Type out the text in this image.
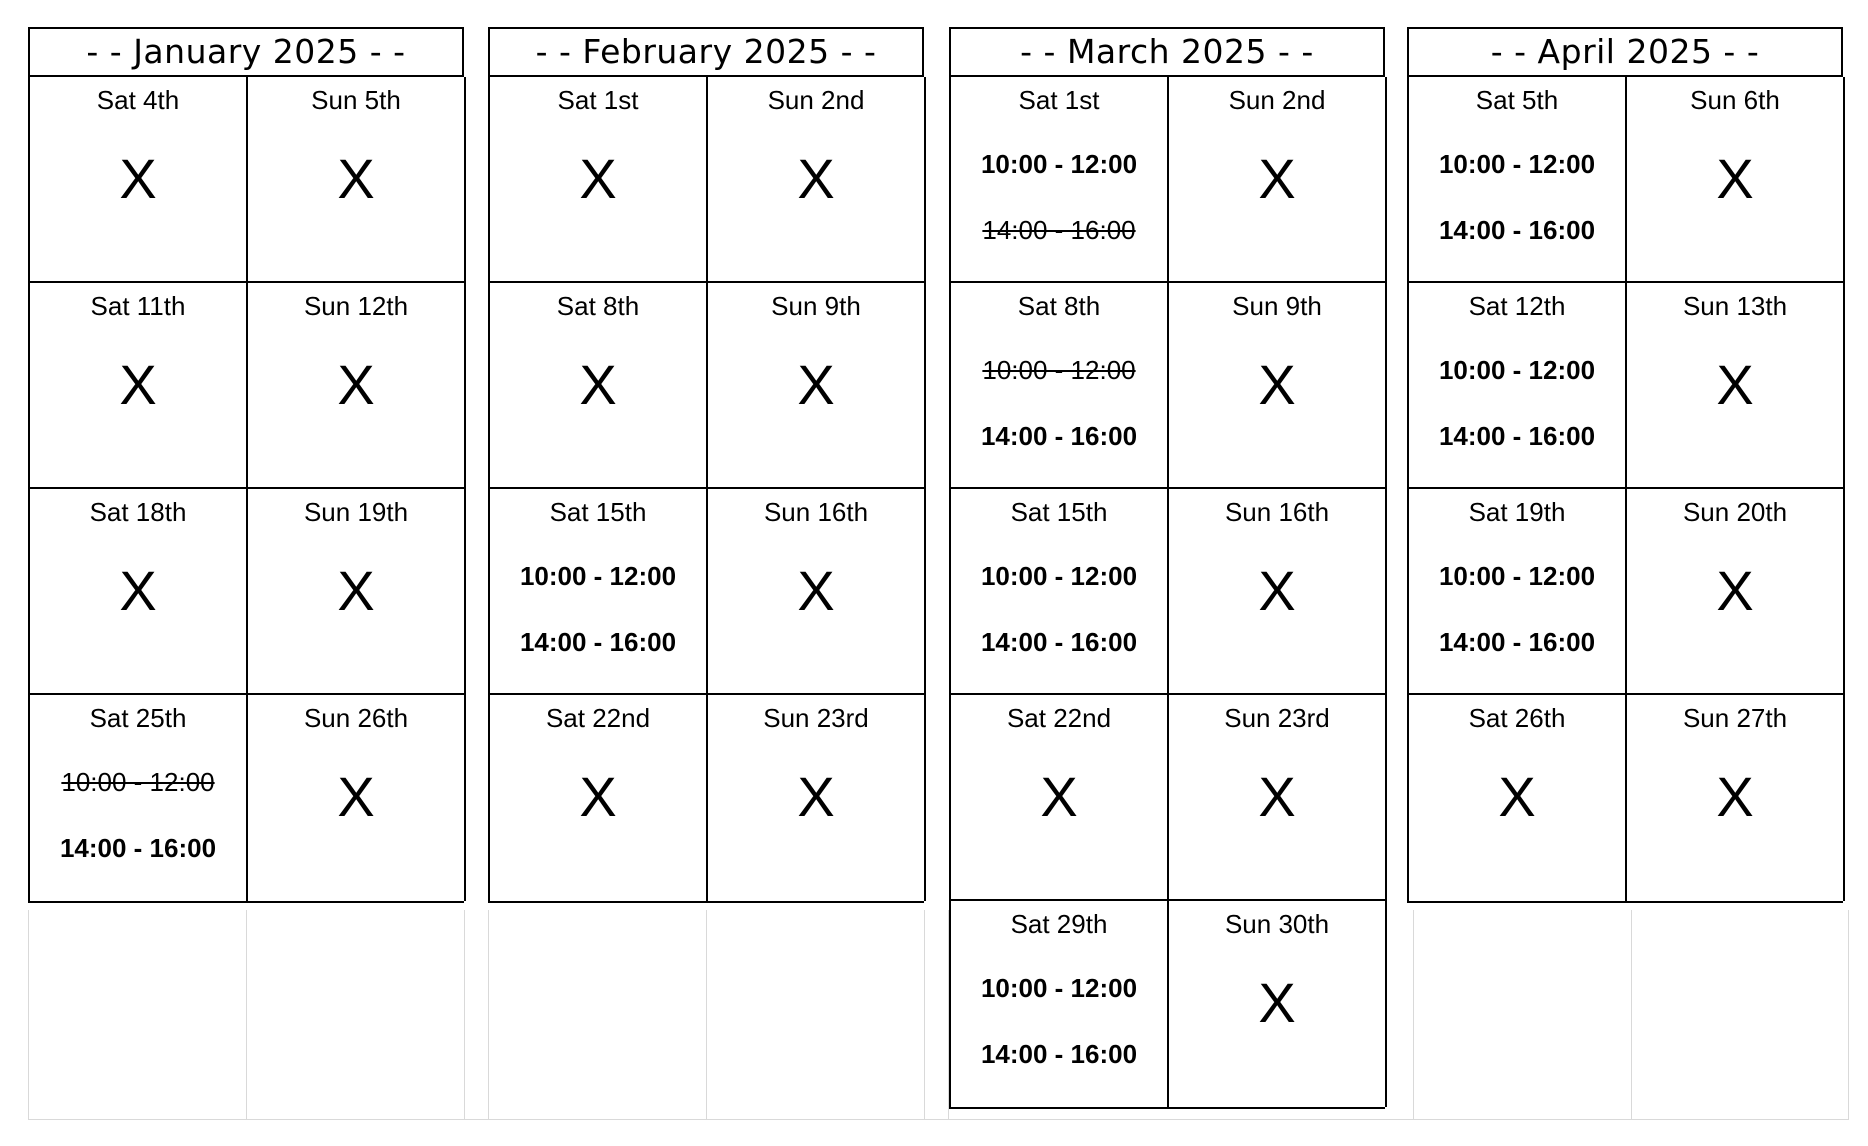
- - January 2025 - -
Sat 4th
X
Sun 5th
X
Sat 11th
X
Sun 12th
X
Sat 18th
X
Sun 19th
X
Sat 25th
10:00 - 12:00
14:00 - 16:00
Sun 26th
X
- - February 2025 - -
Sat 1st
X
Sun 2nd
X
Sat 8th
X
Sun 9th
X
Sat 15th
10:00 - 12:00
14:00 - 16:00
Sun 16th
X
Sat 22nd
X
Sun 23rd
X
- - March 2025 - -
Sat 1st
10:00 - 12:00
14:00 - 16:00
Sun 2nd
X
Sat 8th
10:00 - 12:00
14:00 - 16:00
Sun 9th
X
Sat 15th
10:00 - 12:00
14:00 - 16:00
Sun 16th
X
Sat 22nd
X
Sun 23rd
X
Sat 29th
10:00 - 12:00
14:00 - 16:00
Sun 30th
X
- - April 2025 - -
Sat 5th
10:00 - 12:00
14:00 - 16:00
Sun 6th
X
Sat 12th
10:00 - 12:00
14:00 - 16:00
Sun 13th
X
Sat 19th
10:00 - 12:00
14:00 - 16:00
Sun 20th
X
Sat 26th
X
Sun 27th
X
